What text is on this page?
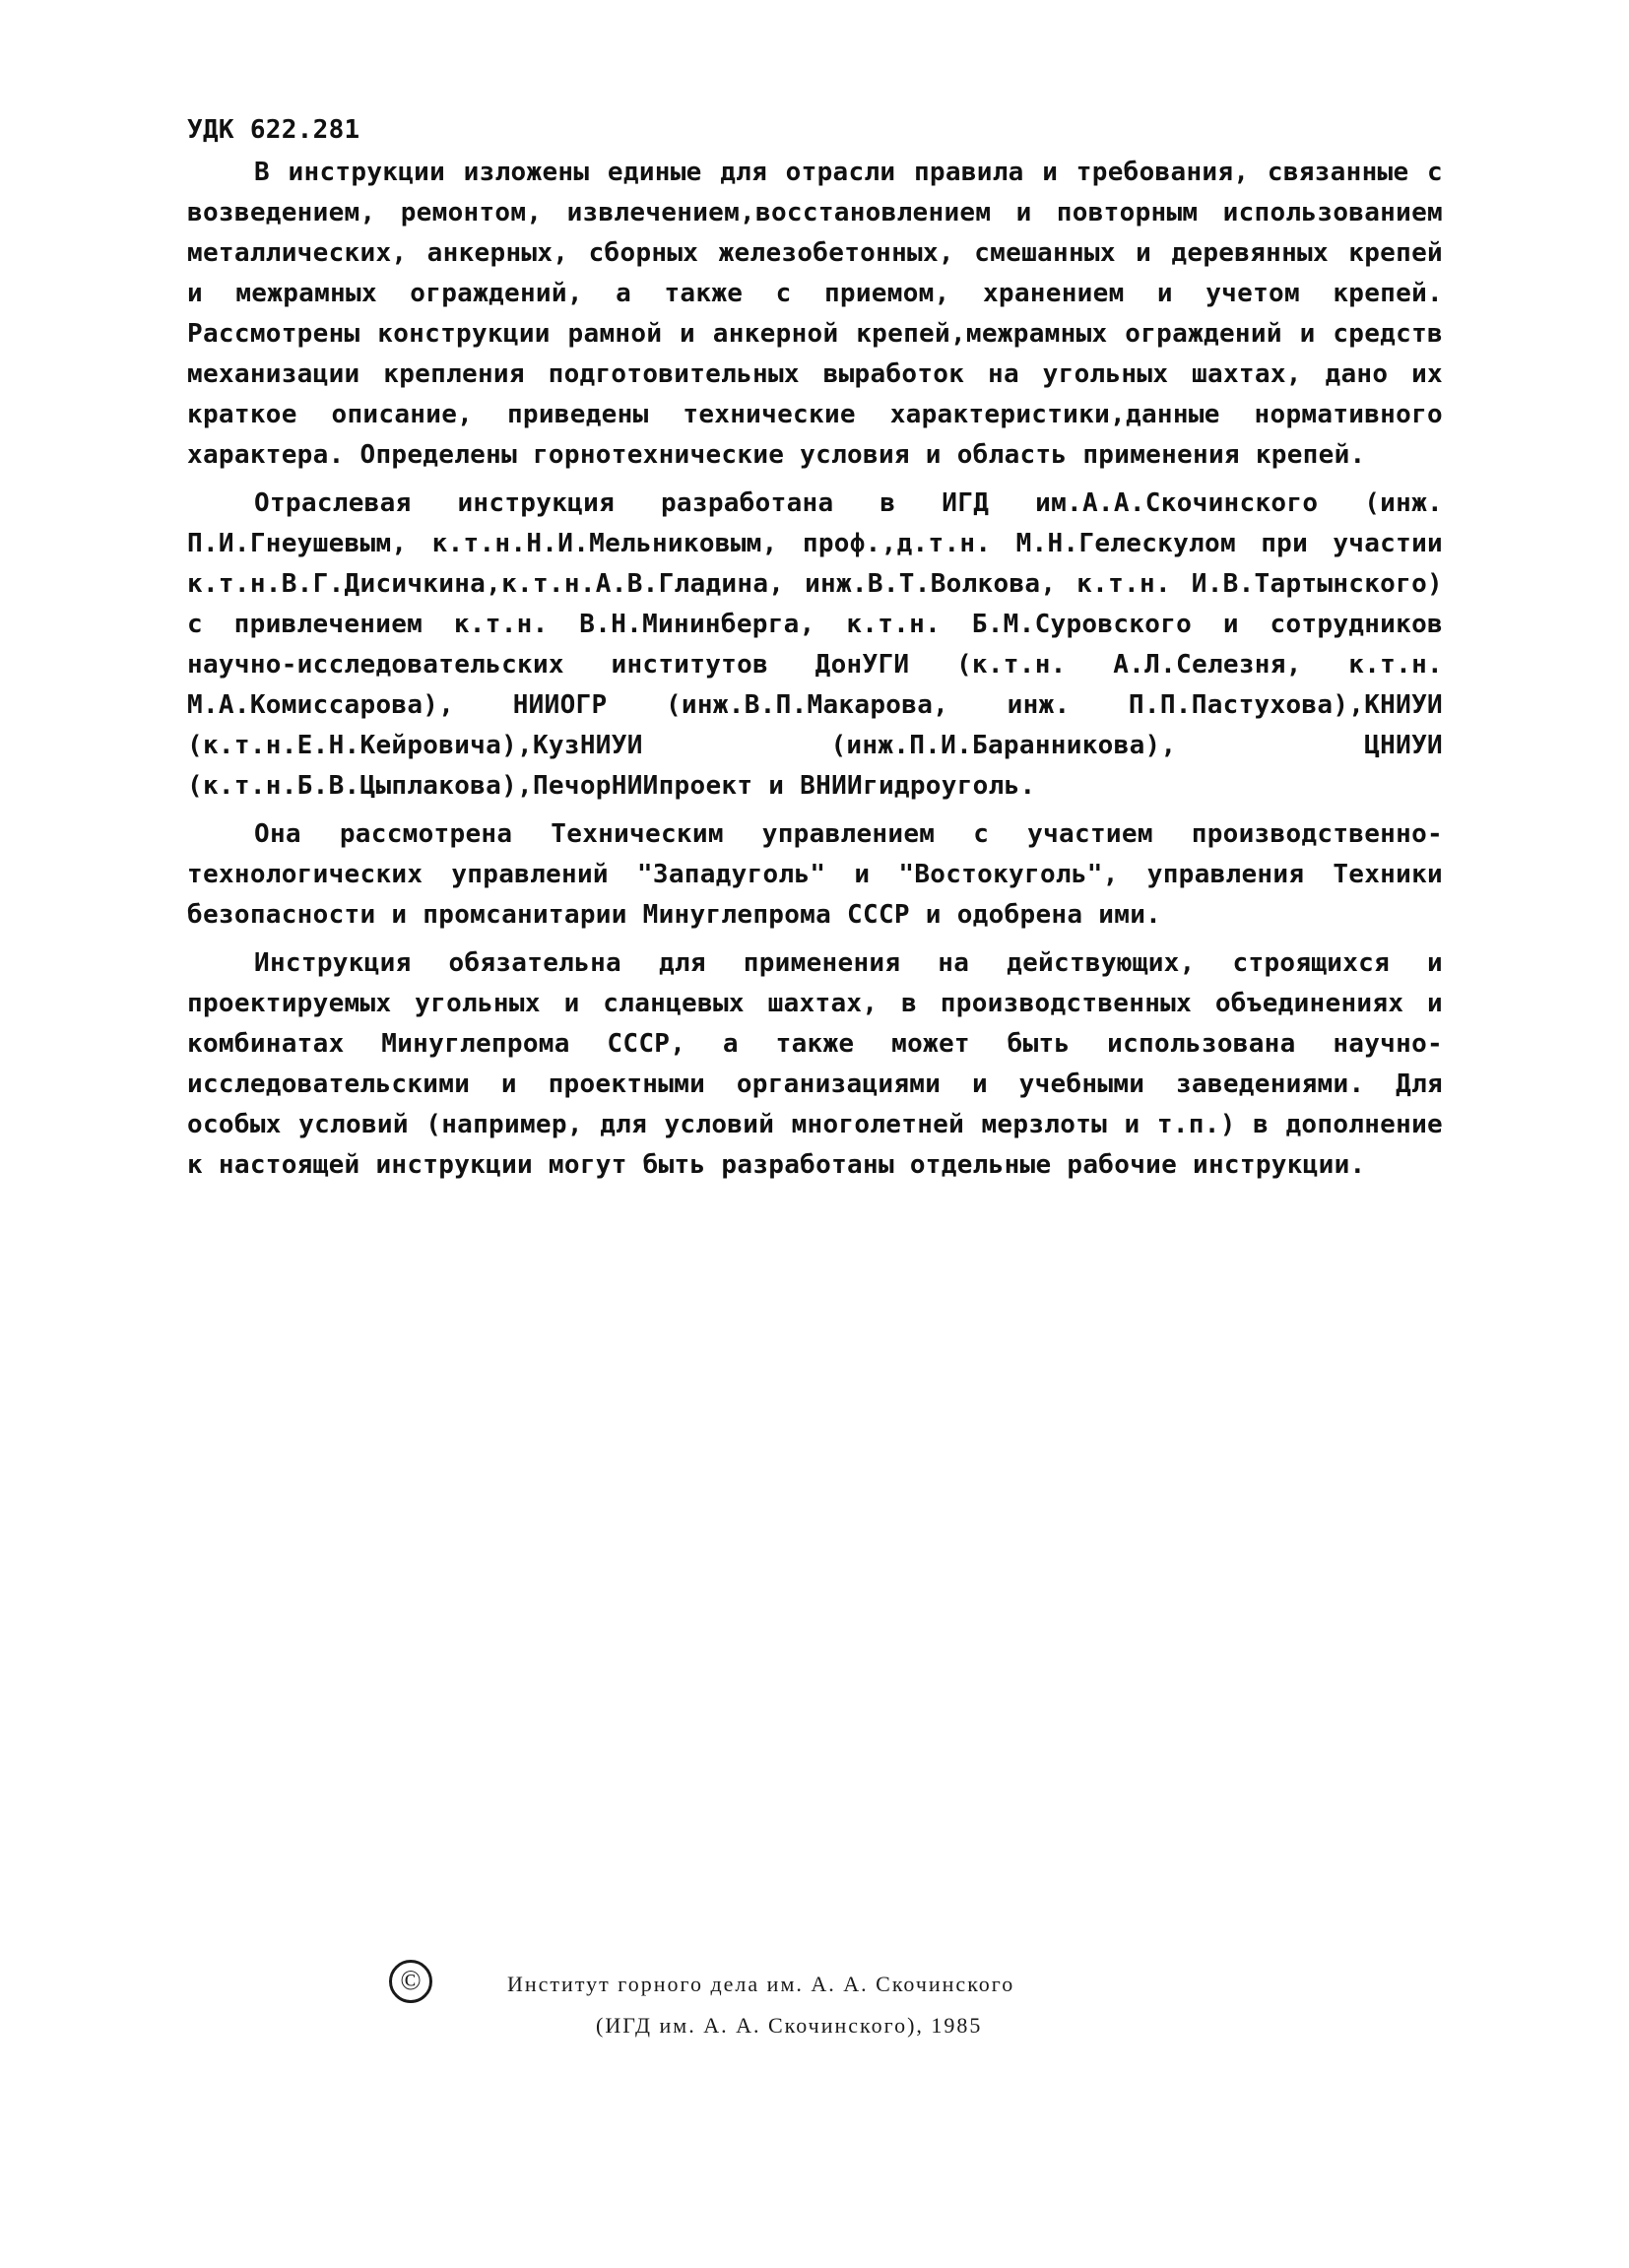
УДК 622.281

В инструкции изложены единые для отрасли правила и требования, связанные с возведением, ремонтом, извлечением,восстановлением и повторным использованием металлических, анкерных, сборных железобетонных, смешанных и деревянных крепей и межрамных ограждений, а также с приемом, хранением и учетом крепей. Рассмотрены конструкции рамной и анкерной крепей,межрамных ограждений и средств механизации крепления подготовительных выработок на угольных шахтах, дано их краткое описание, приведены технические характеристики,данные нормативного характера. Определены горнотехнические условия и область применения крепей.

Отраслевая инструкция разработана в ИГД им.А.А.Скочинского (инж. П.И.Гнеушевым, к.т.н.Н.И.Мельниковым, проф.,д.т.н. М.Н.Гелескулом при участии к.т.н.В.Г.Дисичкина,к.т.н.А.В.Гладина, инж.В.Т.Волкова, к.т.н. И.В.Тартынского) с привлечением к.т.н. В.Н.Мининберга, к.т.н. Б.М.Суровского и сотрудников научно-исследовательских институтов ДонУГИ (к.т.н. А.Л.Селезня, к.т.н. М.А.Комиссарова), НИИОГР (инж.В.П.Макарова, инж. П.П.Пастухова),КНИУИ (к.т.н.Е.Н.Кейровича),КузНИУИ (инж.П.И.Баранникова), ЦНИУИ (к.т.н.Б.В.Цыплакова),ПечорНИИпроект и ВНИИгидроуголь.

Она рассмотрена Техническим управлением с участием производственно-технологических управлений "Западуголь" и "Востокуголь", управления Техники безопасности и промсанитарии Минуглепрома СССР и одобрена ими.

Инструкция обязательна для применения на действующих, строящихся и проектируемых угольных и сланцевых шахтах, в производственных объединениях и комбинатах Минуглепрома СССР, а также может быть использована научно-исследовательскими и проектными организациями и учебными заведениями. Для особых условий (например, для условий многолетней мерзлоты и т.п.) в дополнение к настоящей инструкции могут быть разработаны отдельные рабочие инструкции.

©	Институт горного дела им. А. А. Скочинского
(ИГД им. А. А. Скочинского), 1985
